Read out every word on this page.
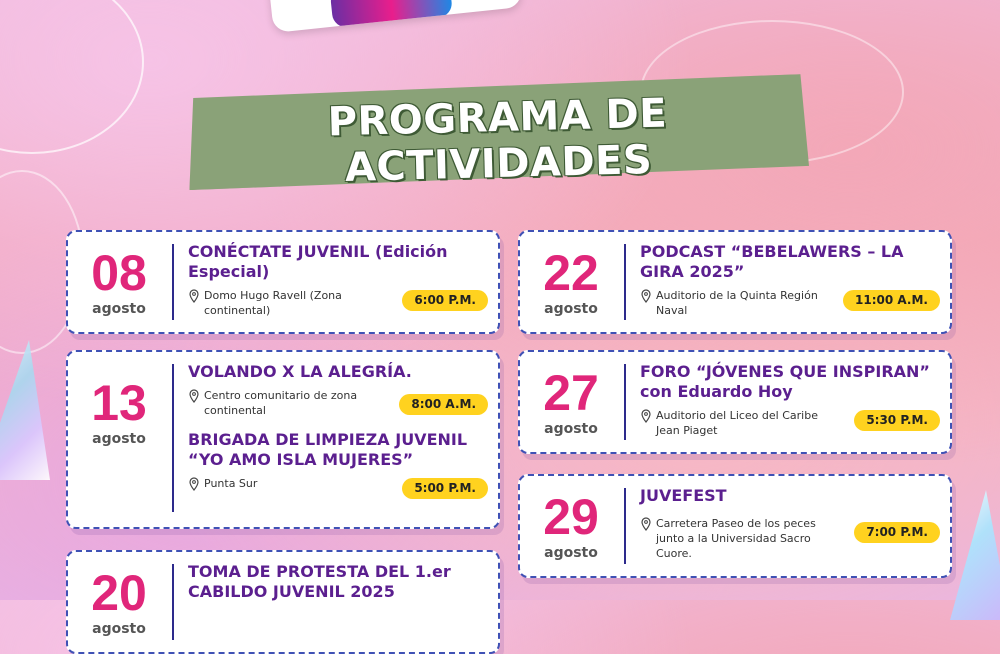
PROGRAMA DE ACTIVIDADES
08
agosto
CONÉCTATE JUVENIL (Edición Especial)
Domo Hugo Ravell (Zona continental)
6:00 P.M.
13
agosto
VOLANDO X LA ALEGRÍA.
Centro comunitario de zona continental	8:00 A.M.
BRIGADA DE LIMPIEZA JUVENIL “YO AMO ISLA MUJERES”
Punta Sur	5:00 P.M.
20
agosto
TOMA DE PROTESTA DEL 1.er CABILDO JUVENIL 2025
22
agosto
PODCAST “BEBELAWERS – LA GIRA 2025”
Auditorio de la Quinta Región Naval
11:00 A.M.
27
agosto
FORO “JÓVENES QUE INSPIRAN” con Eduardo Hoy
Auditorio del Liceo del Caribe Jean Piaget
5:30 P.M.
29
agosto
JUVEFEST
Carretera Paseo de los peces junto a la Universidad Sacro Cuore.
7:00 P.M.
